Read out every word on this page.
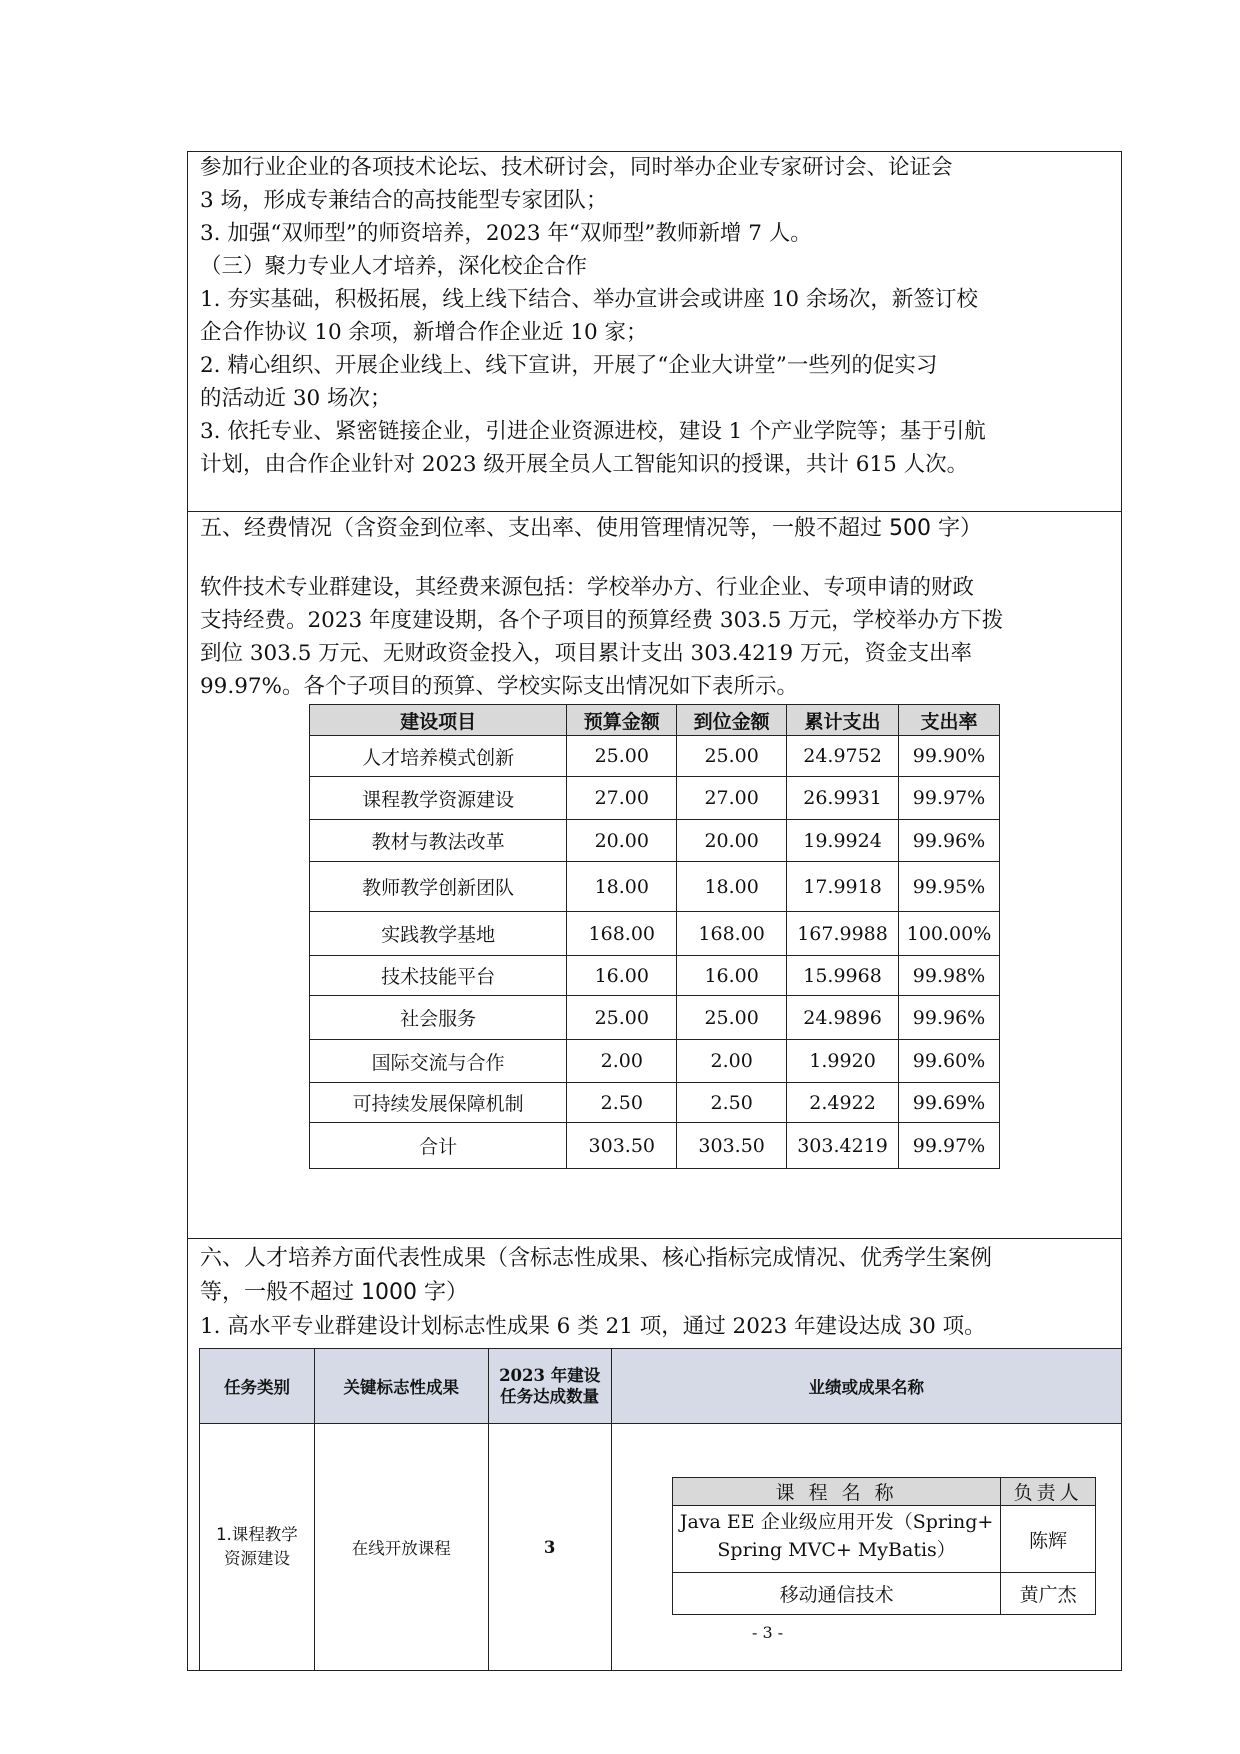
参加行业企业的各项技术论坛、技术研讨会，同时举办企业专家研讨会、论证会

3 场，形成专兼结合的高技能型专家团队；

3. 加强“双师型”的师资培养，2023 年“双师型”教师新增 7 人。

（三）聚力专业人才培养，深化校企合作

1. 夯实基础，积极拓展，线上线下结合、举办宣讲会或讲座 10 余场次，新签订校

企合作协议 10 余项，新增合作企业近 10 家；

2. 精心组织、开展企业线上、线下宣讲，开展了“企业大讲堂”一些列的促实习

的活动近 30 场次；

3. 依托专业、紧密链接企业，引进企业资源进校，建设 1 个产业学院等；基于引航

计划，由合作企业针对 2023 级开展全员人工智能知识的授课，共计 615 人次。

五、经费情况（含资金到位率、支出率、使用管理情况等，一般不超过 500 字）

软件技术专业群建设，其经费来源包括：学校举办方、行业企业、专项申请的财政

支持经费。2023 年度建设期，各个子项目的预算经费 303.5 万元，学校举办方下拨

到位 303.5 万元、无财政资金投入，项目累计支出 303.4219 万元，资金支出率

99.97%。各个子项目的预算、学校实际支出情况如下表所示。

建设项目	预算金额	到位金额	累计支出	支出率
人才培养模式创新	25.00	25.00	24.9752	99.90%
课程教学资源建设	27.00	27.00	26.9931	99.97%
教材与教法改革	20.00	20.00	19.9924	99.96%
教师教学创新团队	18.00	18.00	17.9918	99.95%
实践教学基地	168.00	168.00	167.9988	100.00%
技术技能平台	16.00	16.00	15.9968	99.98%
社会服务	25.00	25.00	24.9896	99.96%
国际交流与合作	2.00	2.00	1.9920	99.60%
可持续发展保障机制	2.50	2.50	2.4922	99.69%
合计	303.50	303.50	303.4219	99.97%

六、人才培养方面代表性成果（含标志性成果、核心指标完成情况、优秀学生案例

等，一般不超过 1000 字）

1. 高水平专业群建设计划标志性成果 6 类 21 项，通过 2023 年建设达成 30 项。

任务类别	关键标志性成果	2023 年建设任务达成数量	业绩或成果名称
1.课程教学资源建设	在线开放课程	3	
课 程 名 称	负责人

Java EE 企业级应用开发（Spring+ Spring MVC+ MyBatis）	陈辉
移动通信技术	黄广杰
- 3 -
